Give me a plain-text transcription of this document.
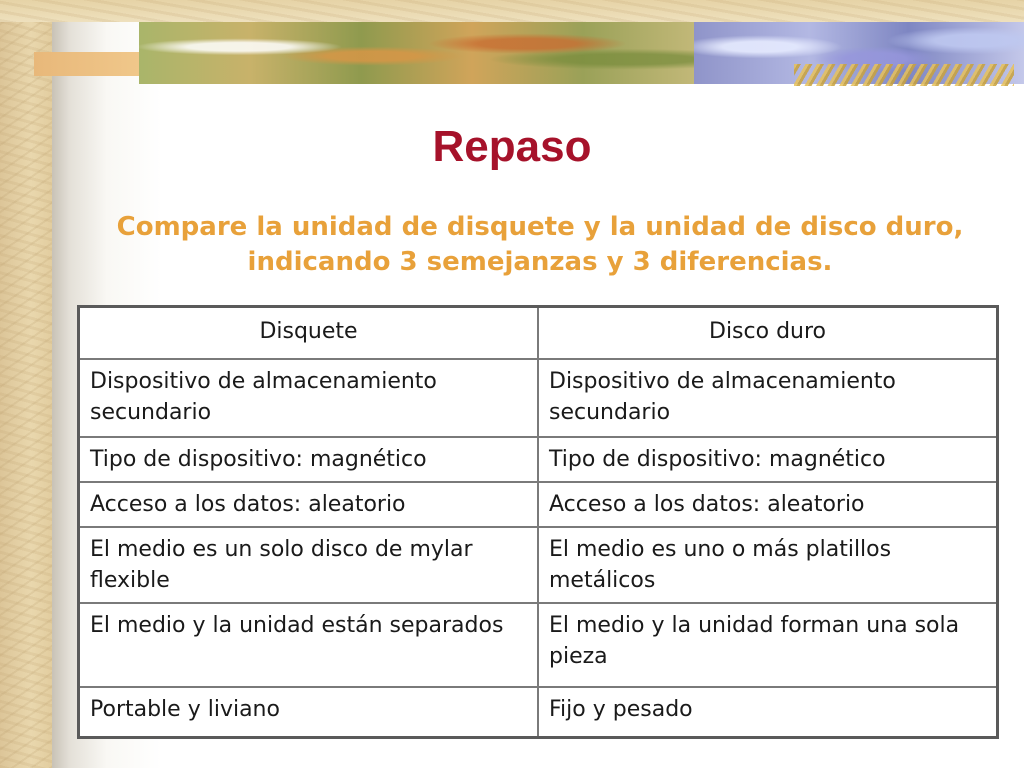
Repaso

Compare la unidad de disquete y la unidad de disco duro, indicando 3 semejanzas y 3 diferencias.

Disquete	Disco duro
Dispositivo de almacenamiento secundario	Dispositivo de almacenamiento secundario
Tipo de dispositivo: magnético	Tipo de dispositivo: magnético
Acceso a los datos: aleatorio	Acceso a los datos: aleatorio
El medio es un solo disco de mylar flexible	El medio es uno o más platillos metálicos
El medio y la unidad están separados	El medio y la unidad forman una sola pieza
Portable y liviano	Fijo y pesado
